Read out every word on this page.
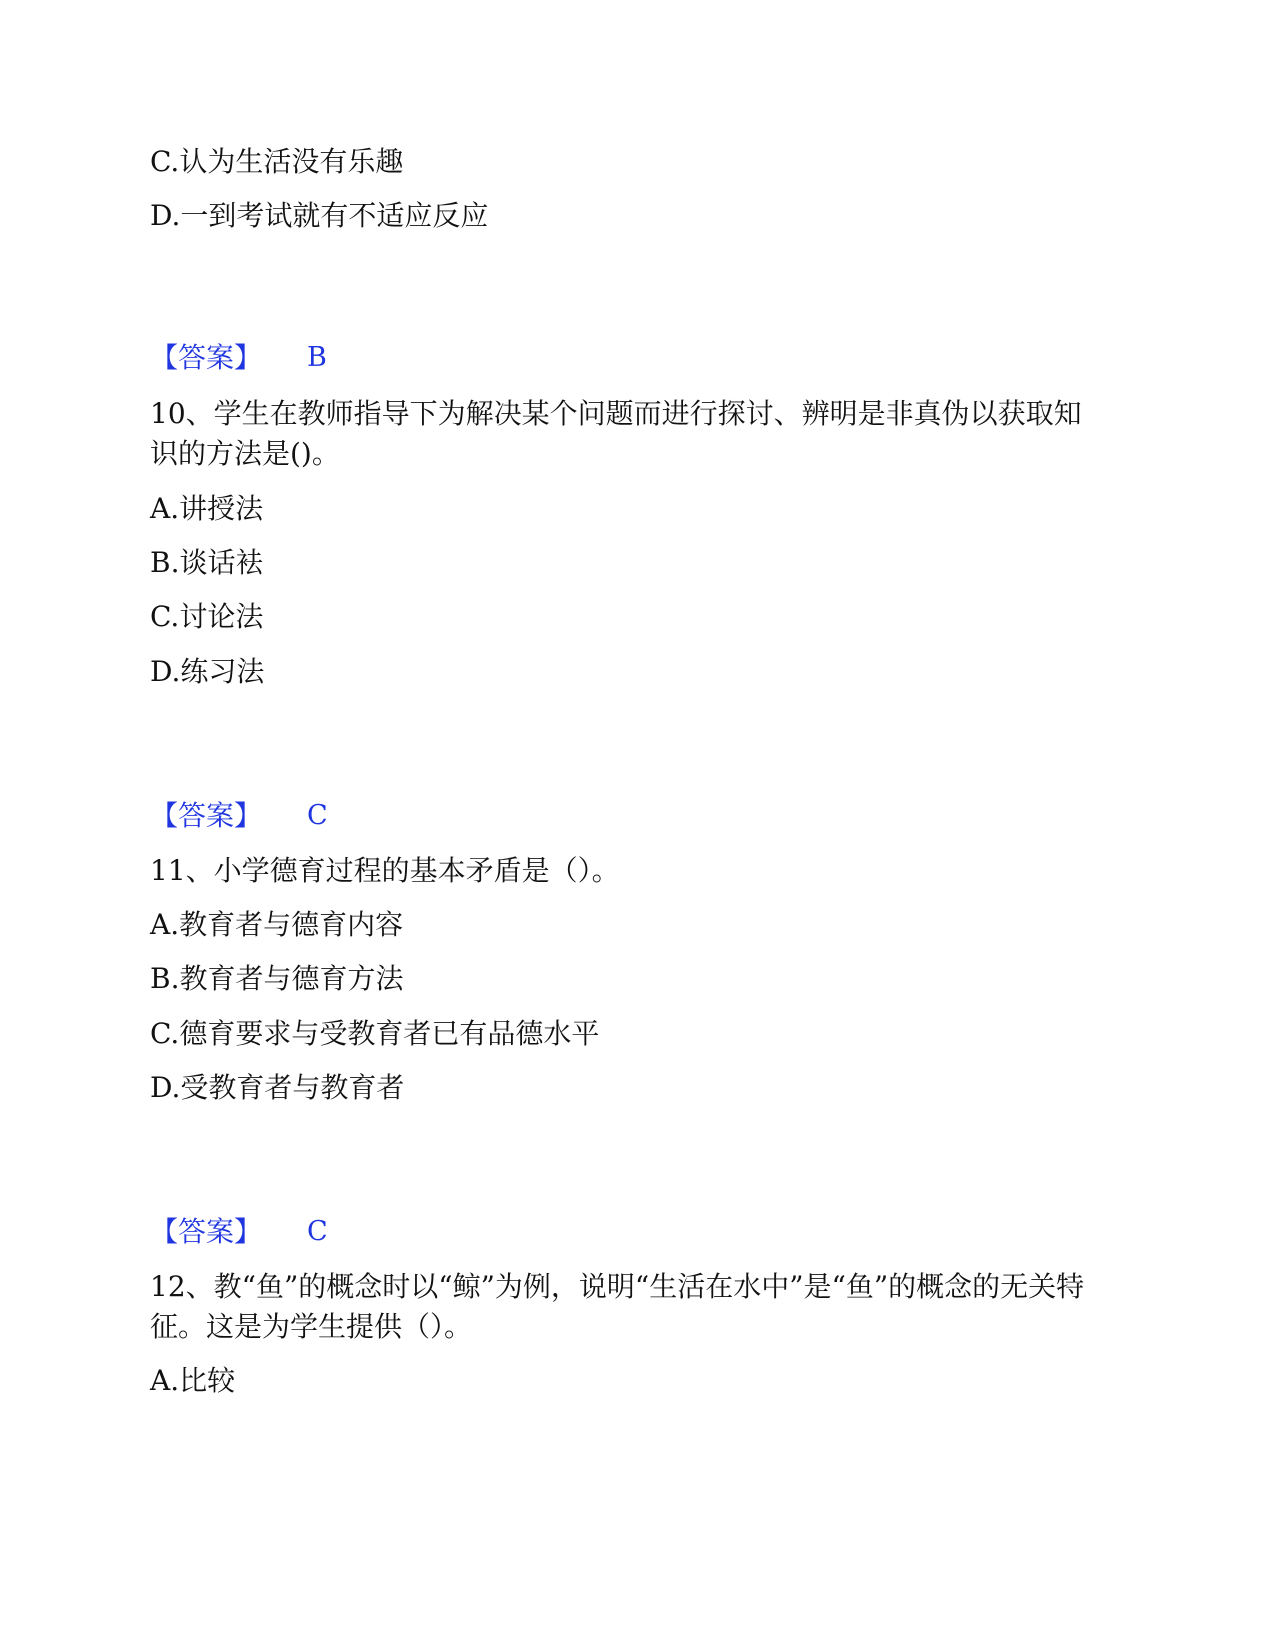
C.认为生活没有乐趣
D.一到考试就有不适应反应
【答案】 B
10、学生在教师指导下为解决某个问题而进行探讨、辨明是非真伪以获取知
识的方法是()。
A.讲授法
B.谈话袪
C.讨论法
D.练习法
【答案】 C
11、小学德育过程的基本矛盾是（）。
A.教育者与德育内容
B.教育者与德育方法
C.德育要求与受教育者已有品德水平
D.受教育者与教育者
【答案】 C
12、教“鱼”的概念时以“鲸”为例，说明“生活在水中”是“鱼”的概念的无关特
征。这是为学生提供（）。
A.比较
